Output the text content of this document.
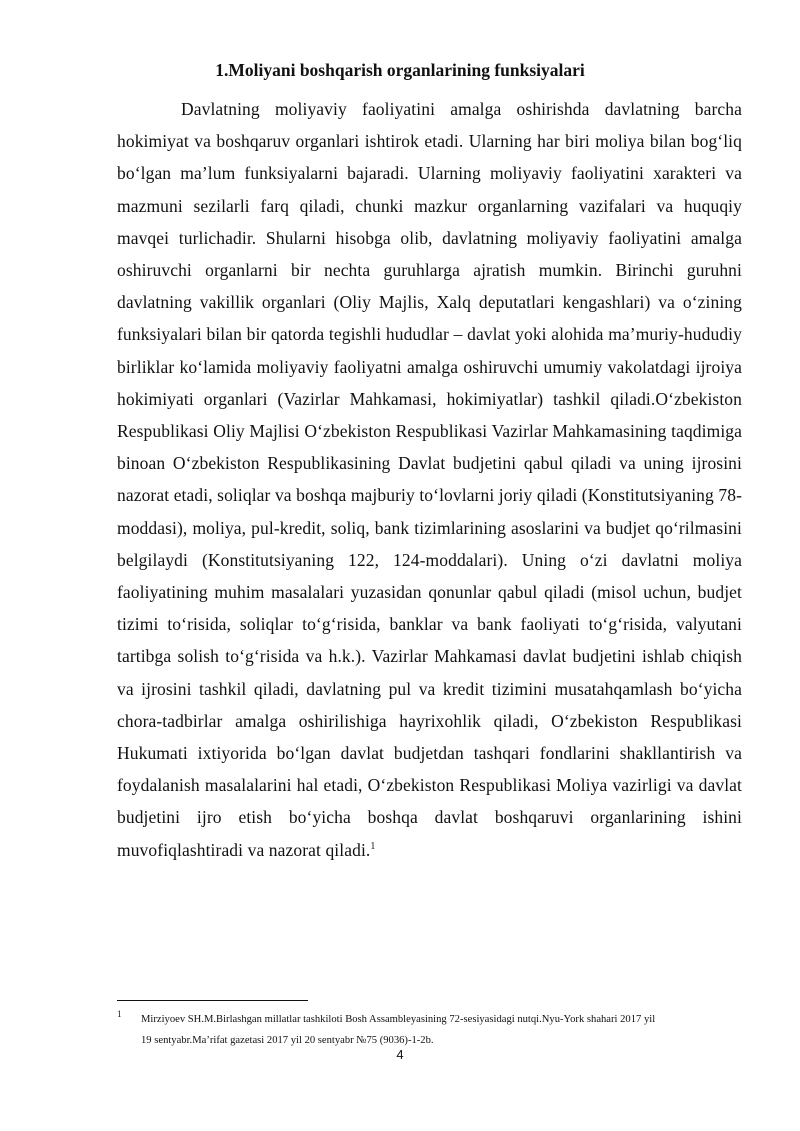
1.Moliyani boshqarish organlarining funksiyalari

Davlatning moliyaviy faoliyatini amalga oshirishda davlatning barcha hokimiyat va boshqaruv organlari ishtirok etadi. Ularning har biri moliya bilan bog‘liq bo‘lgan ma’lum funksiyalarni bajaradi. Ularning moliyaviy faoliyatini xarakteri va mazmuni sezilarli farq qiladi, chunki mazkur organlarning vazifalari va huquqiy mavqei turlichadir. Shularni hisobga olib, davlatning moliyaviy faoliyatini amalga oshiruvchi organlarni bir nechta guruhlarga ajratish mumkin. Birinchi guruhni davlatning vakillik organlari (Oliy Majlis, Xalq deputatlari kengashlari) va o‘zining funksiyalari bilan bir qatorda tegishli hududlar – davlat yoki alohida ma’muriy-hududiy birliklar ko‘lamida moliyaviy faoliyatni amalga oshiruvchi umumiy vakolatdagi ijroiya hokimiyati organlari (Vazirlar Mahkamasi, hokimiyatlar) tashkil qiladi.O‘zbekiston Respublikasi Oliy Majlisi O‘zbekiston Respublikasi Vazirlar Mahkamasining taqdimiga binoan O‘zbekiston Respublikasining Davlat budjetini qabul qiladi va uning ijrosini nazorat etadi, soliqlar va boshqa majburiy to‘lovlarni joriy qiladi (Konstitutsiyaning 78-moddasi), moliya, pul-kredit, soliq, bank tizimlarining asoslarini va budjet qo‘rilmasini belgilaydi (Konstitutsiyaning 122, 124-moddalari). Uning o‘zi davlatni moliya faoliyatining muhim masalalari yuzasidan qonunlar qabul qiladi (misol uchun, budjet tizimi to‘risida, soliqlar to‘g‘risida, banklar va bank faoliyati to‘g‘risida, valyutani tartibga solish to‘g‘risida va h.k.). Vazirlar Mahkamasi davlat budjetini ishlab chiqish va ijrosini tashkil qiladi, davlatning pul va kredit tizimini musatahqamlash bo‘yicha chora-tadbirlar amalga oshirilishiga hayrixohlik qiladi, O‘zbekiston Respublikasi Hukumati ixtiyorida bo‘lgan davlat budjetdan tashqari fondlarini shakllantirish va foydalanish masalalarini hal etadi, O‘zbekiston Respublikasi Moliya vazirligi va davlat budjetini ijro etish bo‘yicha boshqa davlat boshqaruvi organlarining ishini muvofiqlashtiradi va nazorat qiladi.$^1$

1 Mirziyoev SH.M.Birlashgan millatlar tashkiloti Bosh Assambleyasining 72-sesiyasidagi nutqi.Nyu-York shahari 2017 yil
19 sentyabr.Ma’rifat gazetasi 2017 yil 20 sentyabr №75 (9036)-1-2b.
4
